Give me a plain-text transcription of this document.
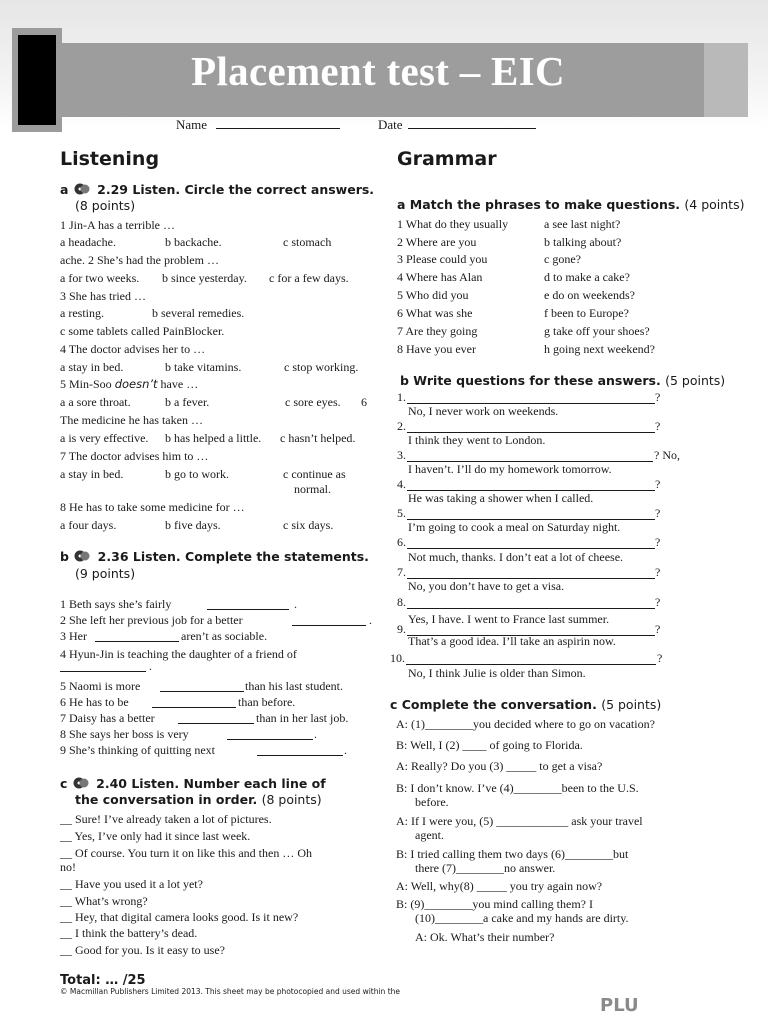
Placement test – EIC
Name	Date
Listening
a 2.29 Listen. Circle the correct answers.
(8 points)
1 Jin-A has a terrible …
a headache.	b backache.	c stomach
ache. 2 She’s had the problem …
a for two weeks. b since yesterday. c for a few days.
3 She has tried …
a resting.	b several remedies.
c some tablets called PainBlocker.
4 The doctor advises her to …
a stay in bed.	b take vitamins.	c stop working.
5 Min-Soo doesn’t have …
a a sore throat.	b a fever.	c sore eyes. 6
The medicine he has taken …
a is very effective. b has helped a little. c hasn’t helped.
7 The doctor advises him to …
a stay in bed.	b go to work.	c continue as
normal.
8 He has to take some medicine for …
a four days.	b five days.	c six days.
b 2.36 Listen. Complete the statements.
(9 points)
1 Beth says she’s fairly	.
2 She left her previous job for a better	.
3 Her	aren’t as sociable.
4 Hyun-Jin is teaching the daughter of a friend of
.
5 Naomi is more	than his last student.
6 He has to be	than before.
7 Daisy has a better	than in her last job.
8 She says her boss is very	.
9 She’s thinking of quitting next	.
c 2.40 Listen. Number each line of
the conversation in order. (8 points)
__ Sure! I’ve already taken a lot of pictures.
__ Yes, I’ve only had it since last week.
__ Of course. You turn it on like this and then … Oh
no!
__ Have you used it a lot yet?
__ What’s wrong?
__ Hey, that digital camera looks good. Is it new?
__ I think the battery’s dead.
__ Good for you. Is it easy to use?
Total: … /25
© Macmillan Publishers Limited 2013. This sheet may be photocopied and used within the
PLU
Grammar
a Match the phrases to make questions. (4 points)
1 What do they usually	a see last night?
2 Where are you	b talking about?
3 Please could you	c gone?
4 Where has Alan	d to make a cake?
5 Who did you	e do on weekends?
6 What was she	f been to Europe?
7 Are they going	g take off your shoes?
8 Have you ever	h going next weekend?
b Write questions for these answers. (5 points)
1.	?
No, I never work on weekends.
2.	?
I think they went to London.
3.	? No,
I haven’t. I’ll do my homework tomorrow.
4.	?
He was taking a shower when I called.
5.	?
I’m going to cook a meal on Saturday night.
6.	?
Not much, thanks. I don’t eat a lot of cheese.
7.	?
No, you don’t have to get a visa.
8.	?
Yes, I have. I went to France last summer.
9.	?
That’s a good idea. I’ll take an aspirin now.
10.	?
No, I think Julie is older than Simon.
c Complete the conversation. (5 points)
A: (1)________you decided where to go on vacation?
B: Well, I (2) ____ of going to Florida.
A: Really? Do you (3) _____ to get a visa?
B: I don’t know. I’ve (4)________been to the U.S.
before.
A: If I were you, (5) ____________ ask your travel
agent.
B: I tried calling them two days (6)________but
there (7)________no answer.
A: Well, why(8) _____ you try again now?
B: (9)________you mind calling them? I
(10)________a cake and my hands are dirty.
A: Ok. What’s their number?
